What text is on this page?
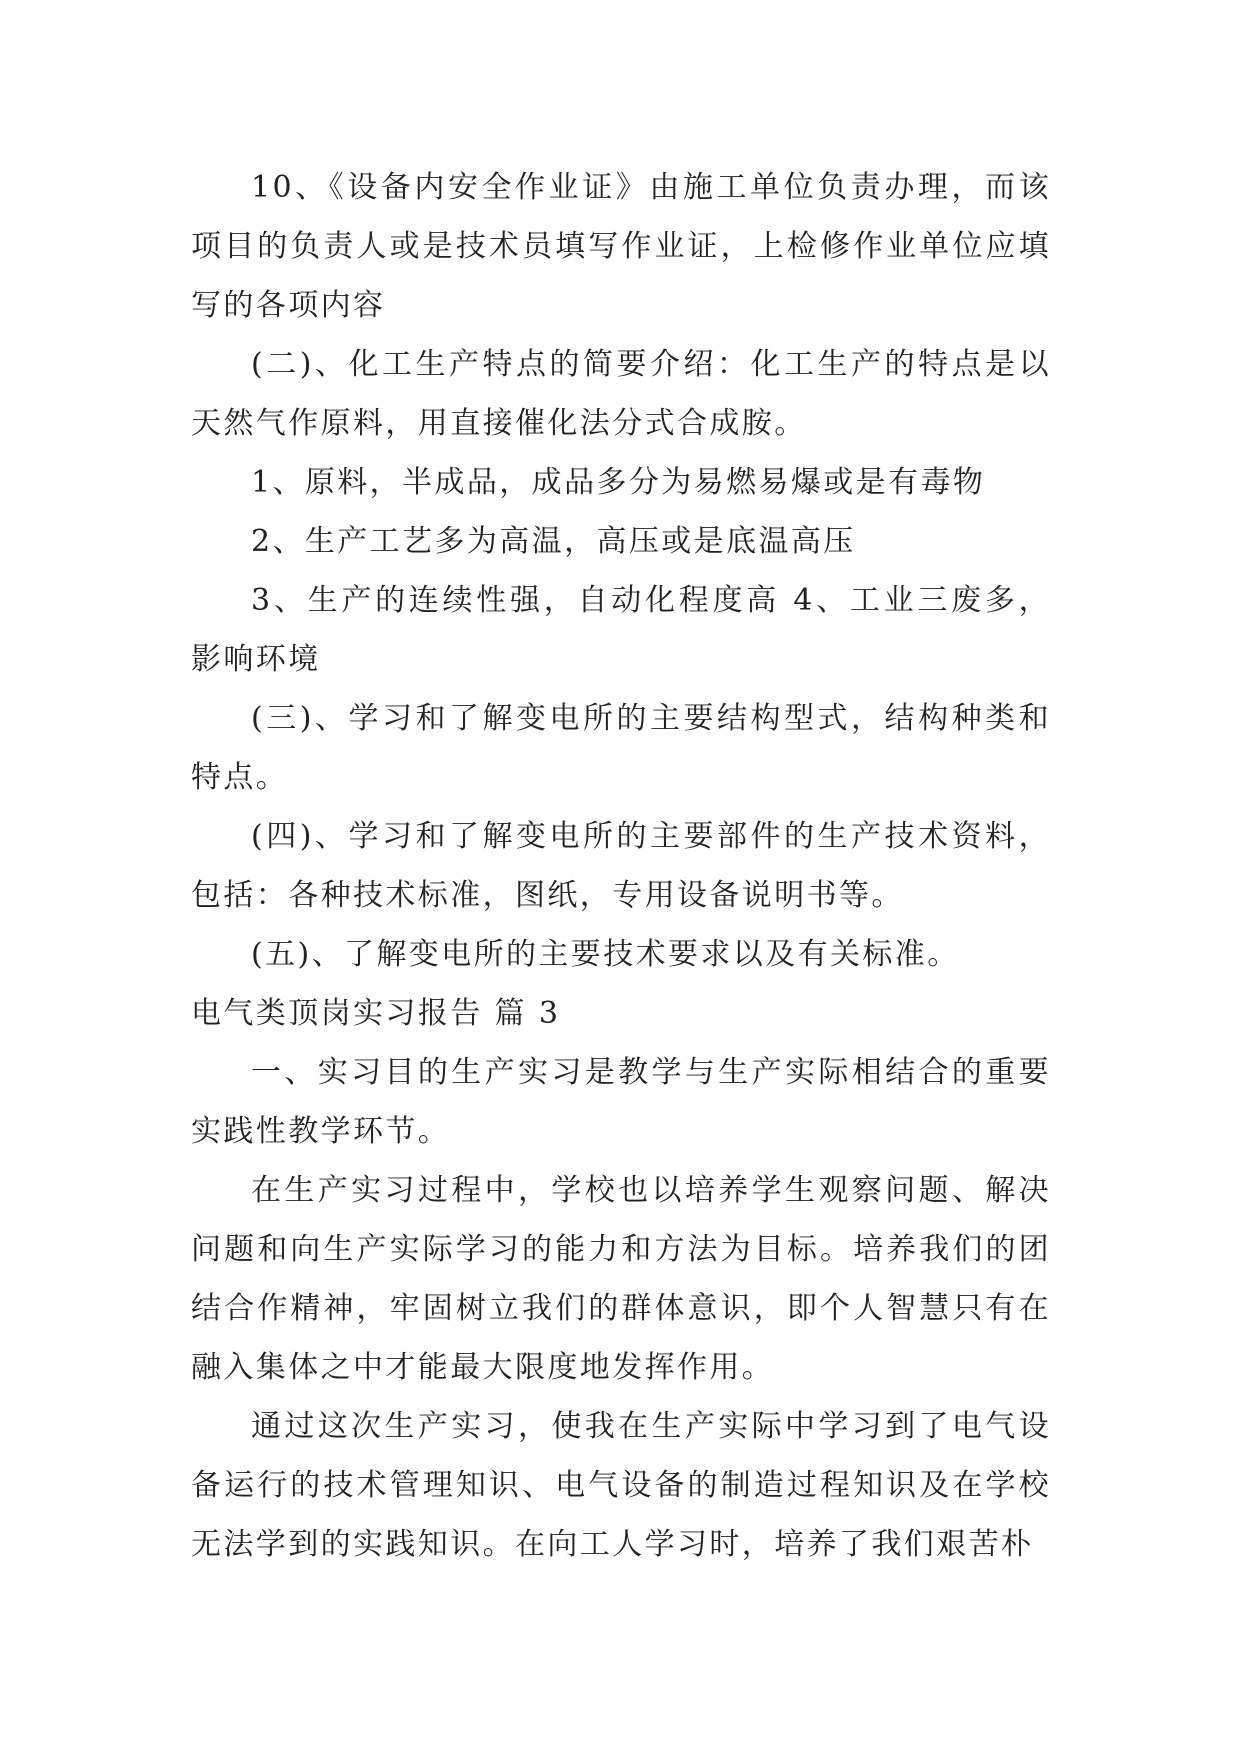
10、《设备内安全作业证》由施工单位负责办理，而该项目的负责人或是技术员填写作业证，上检修作业单位应填写的各项内容

(二)、化工生产特点的简要介绍：化工生产的特点是以天然气作原料，用直接催化法分式合成胺。

1、原料，半成品，成品多分为易燃易爆或是有毒物

2、生产工艺多为高温，高压或是底温高压

3、生产的连续性强，自动化程度高 4、工业三废多，影响环境

(三)、学习和了解变电所的主要结构型式，结构种类和特点。

(四)、学习和了解变电所的主要部件的生产技术资料，包括：各种技术标准，图纸，专用设备说明书等。

(五)、了解变电所的主要技术要求以及有关标准。

电气类顶岗实习报告 篇 3

一、实习目的生产实习是教学与生产实际相结合的重要实践性教学环节。

在生产实习过程中，学校也以培养学生观察问题、解决问题和向生产实际学习的能力和方法为目标。培养我们的团结合作精神，牢固树立我们的群体意识，即个人智慧只有在融入集体之中才能最大限度地发挥作用。

通过这次生产实习，使我在生产实际中学习到了电气设备运行的技术管理知识、电气设备的制造过程知识及在学校无法学到的实践知识。在向工人学习时，培养了我们艰苦朴
